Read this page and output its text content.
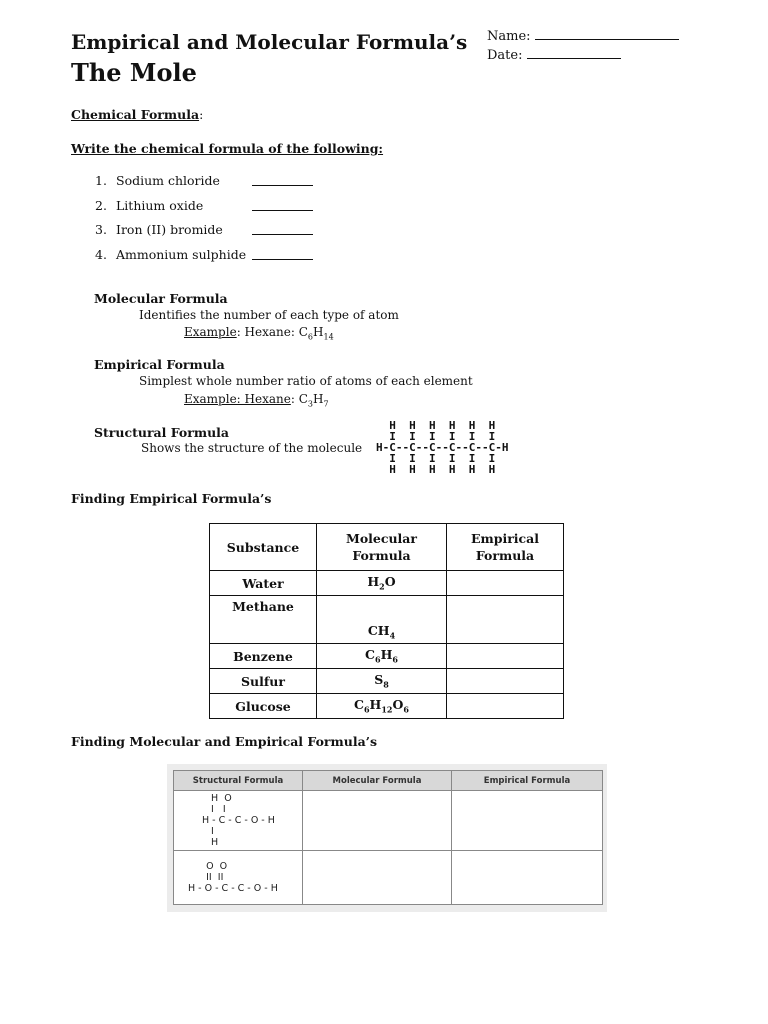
Empirical and Molecular Formula’s
The Mole
Name:
Date:
Chemical Formula:
Write the chemical formula of the following:
1. Sodium chloride
2. Lithium oxide
3. Iron (II) bromide
4. Ammonium sulphide
Molecular Formula
Identifies the number of each type of atom
Example: Hexane: $C_6H_{14}$
Empirical Formula
Simplest whole number ratio of atoms of each element
Example: Hexane: $C_3H_7$
Structural Formula
Shows the structure of the molecule
H  H  H  H  H  H
I  I  I  I  I  I
H-C--C--C--C--C--C-H
I  I  I  I  I  I
H  H  H  H  H  H
Finding Empirical Formula’s
Substance	Molecular Formula	Empirical Formula
Water	$H_2O$	
Methane	$CH_4$	
Benzene	$C_6H_6$	
Sulfur	$S_8$	
Glucose	$C_6H_{12}O_6$	
Finding Molecular and Empirical Formula’s
Structural Formula	Molecular Formula	Empirical Formula

H  O
I   I
H - C - C - O - H
I
H		

O  O
II  II
H - O - C - C - O - H		
